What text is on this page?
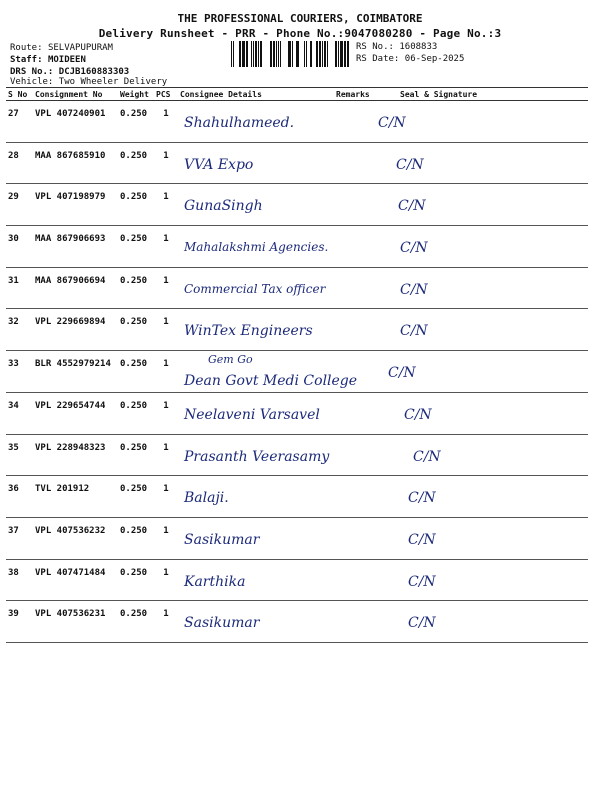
THE PROFESSIONAL COURIERS, COIMBATORE
Delivery Runsheet - PRR - Phone No.:9047080280 - Page No.:3
Route: SELVAPUPURAM
Staff: MOIDEEN
DRS No.: DCJB160883303
Vehicle: Two Wheeler Delivery
RS No.: 1608833
RS Date: 06-Sep-2025
S No	Consignment No	Weight	PCS	Consignee Details	Remarks	Seal & Signature
27	VPL 407240901	0.250	1	Shahulhameed. C/N		

28	MAA 867685910	0.250	1	VVA Expo C/N		

29	VPL 407198979	0.250	1	GunaSingh C/N		

30	MAA 867906693	0.250	1	Mahalakshmi Agencies. C/N		

31	MAA 867906694	0.250	1	Commercial Tax officer C/N		

32	VPL 229669894	0.250	1	WinTex Engineers C/N		

33	BLR 4552979214	0.250	1	Gem Go
Dean Govt Medi College C/N		

34	VPL 229654744	0.250	1	Neelaveni Varsavel C/N		

35	VPL 228948323	0.250	1	Prasanth Veerasamy C/N		

36	TVL 201912	0.250	1	Balaji. C/N		

37	VPL 407536232	0.250	1	Sasikumar C/N		

38	VPL 407471484	0.250	1	Karthika C/N		

39	VPL 407536231	0.250	1	Sasikumar C/N		
